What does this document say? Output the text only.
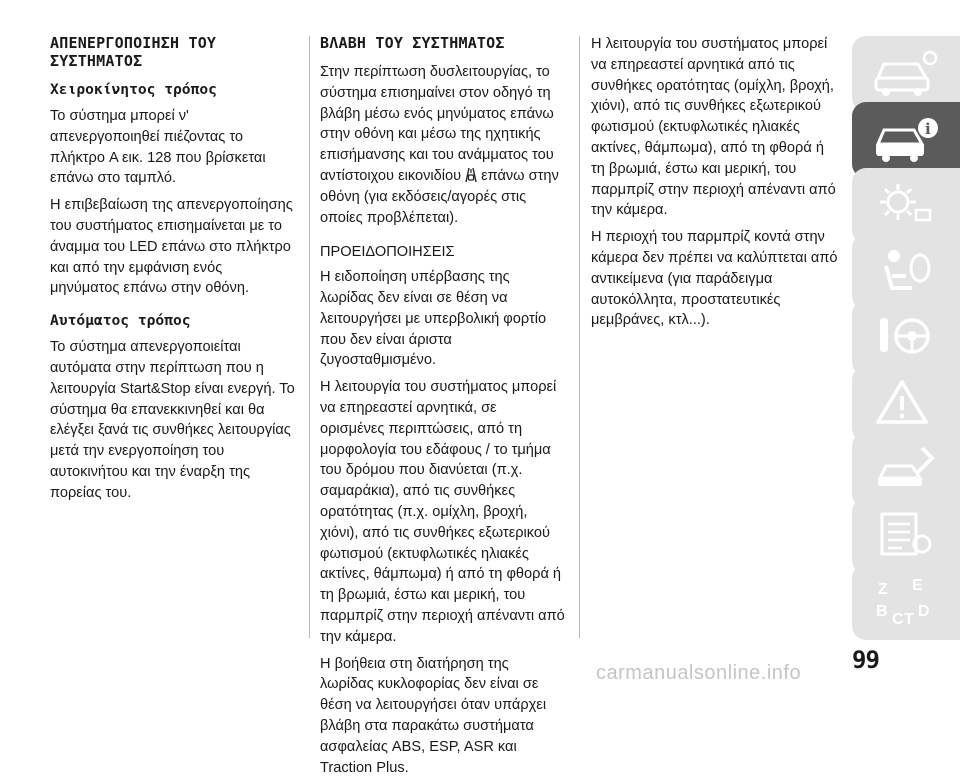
ΑΠΕΝΕΡΓΟΠΟΙΗΣΗ ΤΟΥ ΣΥΣΤΗΜΑΤΟΣ
Χειροκίνητος τρόπος

Το σύστημα μπορεί ν' απενεργοποιηθεί πιέζοντας το πλήκτρο A εικ. 128 που βρίσκεται επάνω στο ταμπλό.

Η επιβεβαίωση της απενεργοποίησης του συστήματος επισημαίνεται με το άναμμα του LED επάνω στο πλήκτρο και από την εμφάνιση ενός μηνύματος επάνω στην οθόνη.

Αυτόματος τρόπος

Το σύστημα απενεργοποιείται αυτόματα στην περίπτωση που η λειτουργία Start&Stop είναι ενεργή. Το σύστημα θα επανεκκινηθεί και θα ελέγξει ξανά τις συνθήκες λειτουργίας μετά την ενεργοποίηση του αυτοκινήτου και την έναρξη της πορείας του.

ΒΛΑΒΗ ΤΟΥ ΣΥΣΤΗΜΑΤΟΣ

Στην περίπτωση δυσλειτουργίας, το σύστημα επισημαίνει στον οδηγό τη βλάβη μέσω ενός μηνύματος επάνω στην οθόνη και μέσω της ηχητικής επισήμανσης και του ανάμματος του αντίστοιχου εικονιδίου επάνω στην οθόνη (για εκδόσεις/αγορές στις οποίες προβλέπεται).

ΠΡΟΕΙΔΟΠΟΙΗΣΕΙΣ

Η ειδοποίηση υπέρβασης της λωρίδας δεν είναι σε θέση να λειτουργήσει με υπερβολική φορτίο που δεν είναι άριστα ζυγοσταθμισμένο.

Η λειτουργία του συστήματος μπορεί να επηρεαστεί αρνητικά, σε ορισμένες περιπτώσεις, από τη μορφολογία του εδάφους / το τμήμα του δρόμου που διανύεται (π.χ. σαμαράκια), από τις συνθήκες ορατότητας (π.χ. ομίχλη, βροχή, χιόνι), από τις συνθήκες εξωτερικού φωτισμού (εκτυφλωτικές ηλιακές ακτίνες, θάμπωμα) ή από τη φθορά ή τη βρωμιά, έστω και μερική, του παρμπρίζ στην περιοχή απέναντι από την κάμερα.

Η βοήθεια στη διατήρηση της λωρίδας κυκλοφορίας δεν είναι σε θέση να λειτουργήσει όταν υπάρχει βλάβη στα παρακάτω συστήματα ασφαλείας ABS, ESP, ASR και Traction Plus.

Η λειτουργία του συστήματος μπορεί να επηρεαστεί αρνητικά από τις συνθήκες ορατότητας (ομίχλη, βροχή, χιόνι), από τις συνθήκες εξωτερικού φωτισμού (εκτυφλωτικές ηλιακές ακτίνες, θάμπωμα), από τη φθορά ή τη βρωμιά, έστω και μερική, του παρμπρίζ στην περιοχή απέναντι από την κάμερα.

Η περιοχή του παρμπρίζ κοντά στην κάμερα δεν πρέπει να καλύπτεται από αντικείμενα (για παράδειγμα αυτοκόλλητα, προστατευτικές μεμβράνες, κτλ...).

i
Z E
B C T D
99
carmanualsonline.info
